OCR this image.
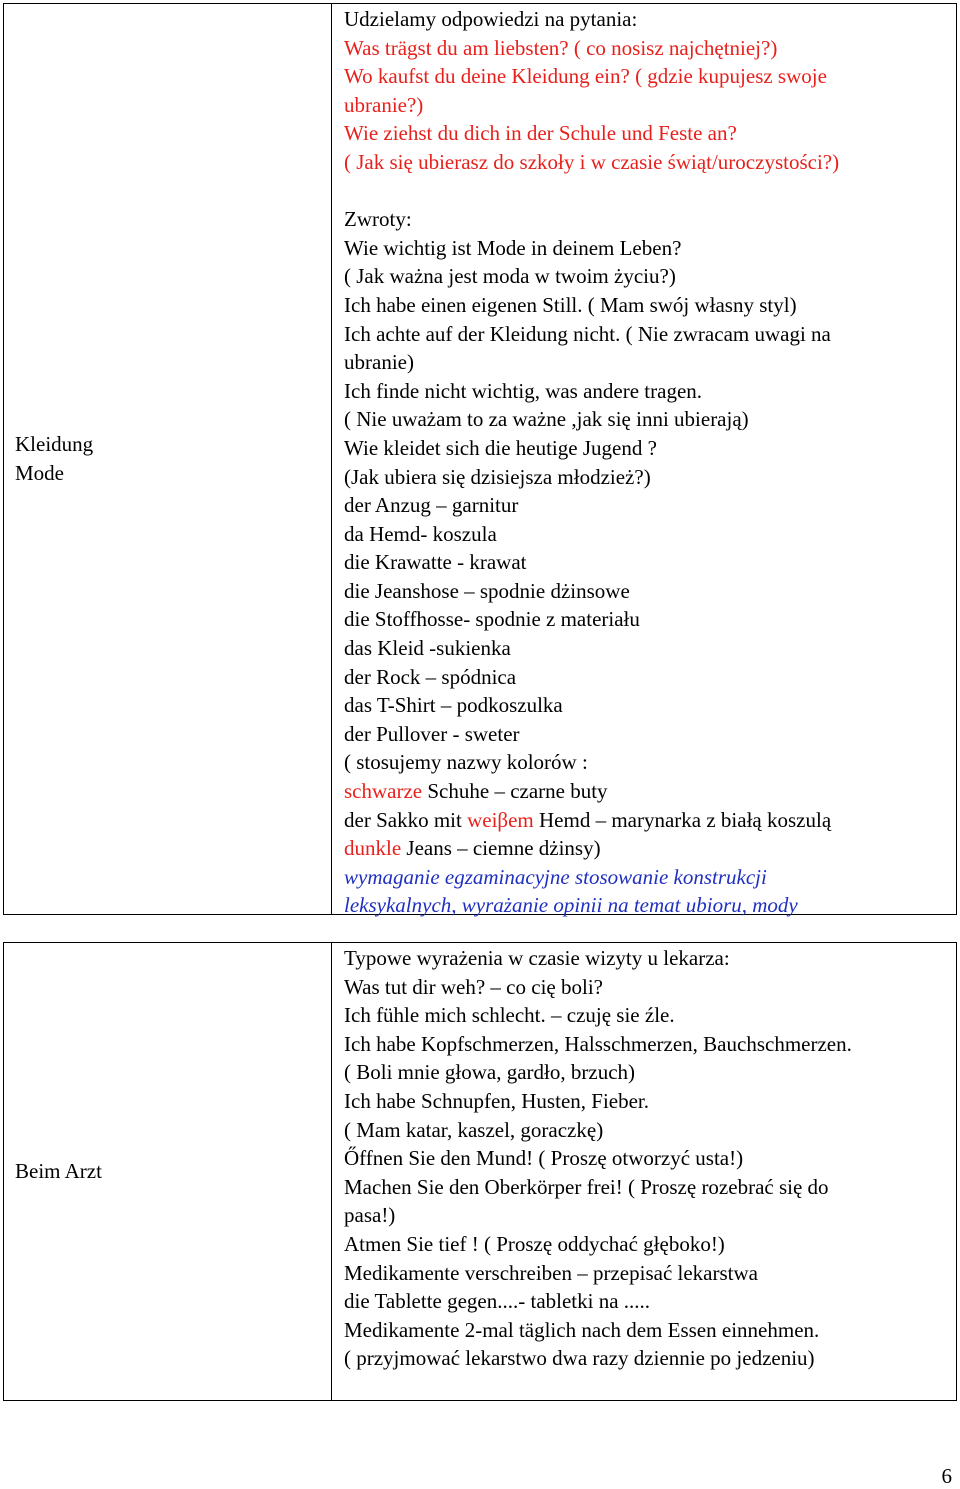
Kleidung
Mode
Udzielamy odpowiedzi na pytania:
Was trägst du am liebsten? ( co nosisz najchętniej?)
Wo kaufst du deine Kleidung ein? ( gdzie kupujesz swoje
ubranie?)
Wie ziehst du dich in der Schule und Feste an?
( Jak się ubierasz do szkoły i w czasie świąt/uroczystości?)
Zwroty:
Wie wichtig ist Mode in deinem Leben?
( Jak ważna jest moda w twoim życiu?)
Ich habe einen eigenen Still. ( Mam swój własny styl)
Ich achte auf der Kleidung nicht. ( Nie zwracam uwagi na
ubranie)
Ich finde nicht wichtig, was andere tragen.
( Nie uważam to za ważne ,jak się inni ubierają)
Wie kleidet sich die heutige Jugend ?
(Jak ubiera się dzisiejsza młodzież?)
der Anzug – garnitur
da Hemd- koszula
die Krawatte - krawat
die Jeanshose – spodnie dżinsowe
die Stoffhosse- spodnie z materiału
das Kleid -sukienka
der Rock – spódnica
das T-Shirt – podkoszulka
der Pullover - sweter
( stosujemy nazwy kolorów :
schwarze Schuhe – czarne buty
der Sakko mit weiβem Hemd – marynarka z białą koszulą
dunkle Jeans – ciemne dżinsy)
wymaganie egzaminacyjne stosowanie konstrukcji
leksykalnych, wyrażanie opinii na temat ubioru, mody
Beim Arzt
Typowe wyrażenia w czasie wizyty u lekarza:
Was tut dir weh? – co cię boli?
Ich fühle mich schlecht. – czuję sie źle.
Ich habe Kopfschmerzen, Halsschmerzen, Bauchschmerzen.
( Boli mnie głowa, gardło, brzuch)
Ich habe Schnupfen, Husten, Fieber.
( Mam katar, kaszel, goraczkę)
Őffnen Sie den Mund! ( Proszę otworzyć usta!)
Machen Sie den Oberkörper frei! ( Proszę rozebrać się do
pasa!)
Atmen Sie tief ! ( Proszę oddychać głęboko!)
Medikamente verschreiben – przepisać lekarstwa
die Tablette gegen....- tabletki na .....
Medikamente 2-mal täglich nach dem Essen einnehmen.
( przyjmować lekarstwo dwa razy dziennie po jedzeniu)
6
